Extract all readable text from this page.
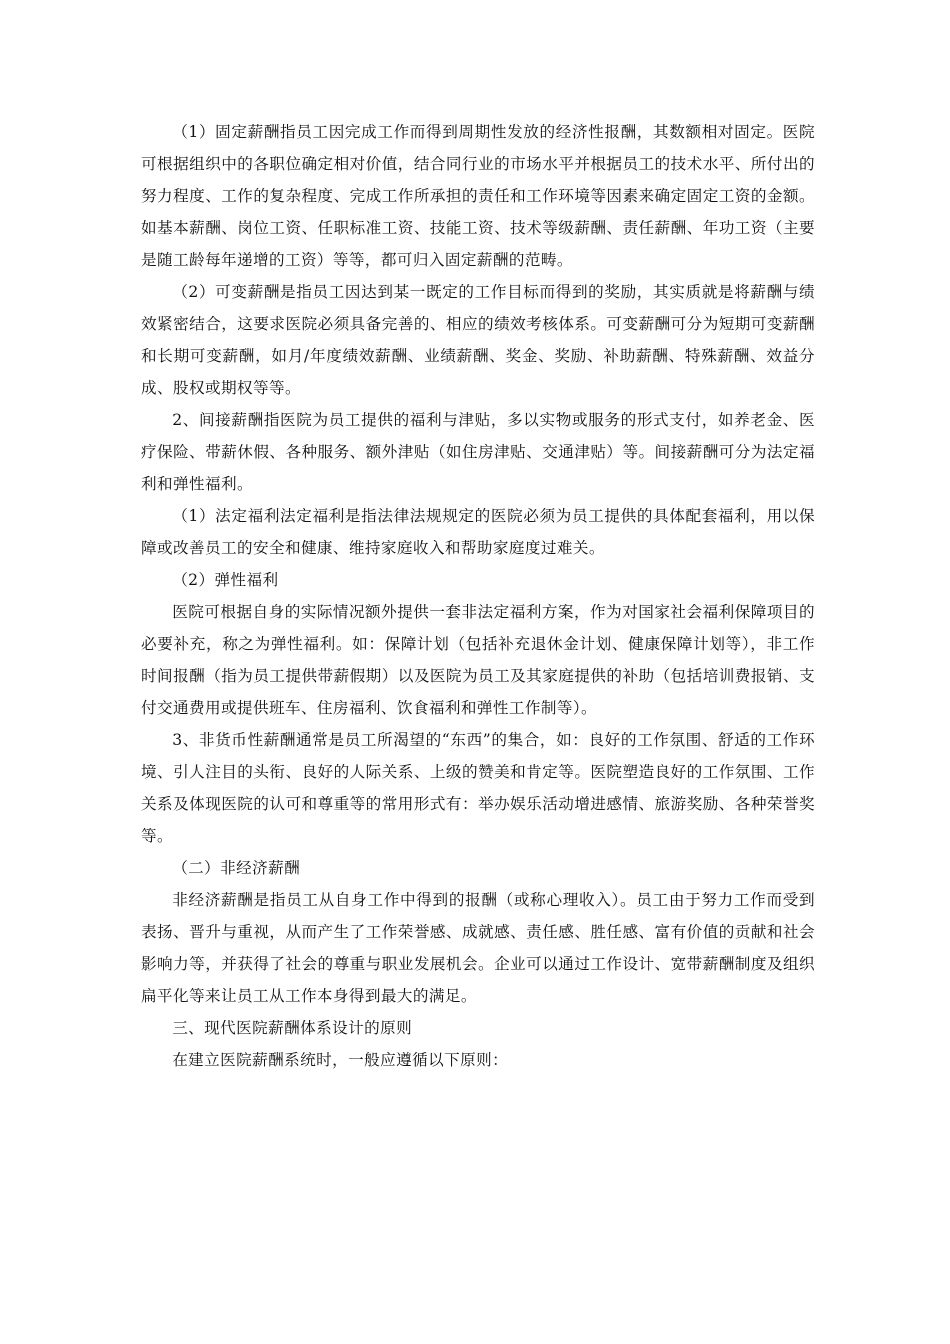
（1）固定薪酬指员工因完成工作而得到周期性发放的经济性报酬，其数额相对固定。医院可根据组织中的各职位确定相对价值，结合同行业的市场水平并根据员工的技术水平、所付出的努力程度、工作的复杂程度、完成工作所承担的责任和工作环境等因素来确定固定工资的金额。如基本薪酬、岗位工资、任职标准工资、技能工资、技术等级薪酬、责任薪酬、年功工资（主要是随工龄每年递增的工资）等等，都可归入固定薪酬的范畴。

（2）可变薪酬是指员工因达到某一既定的工作目标而得到的奖励，其实质就是将薪酬与绩效紧密结合，这要求医院必须具备完善的、相应的绩效考核体系。可变薪酬可分为短期可变薪酬和长期可变薪酬，如月/年度绩效薪酬、业绩薪酬、奖金、奖励、补助薪酬、特殊薪酬、效益分成、股权或期权等等。

2、间接薪酬指医院为员工提供的福利与津贴，多以实物或服务的形式支付，如养老金、医疗保险、带薪休假、各种服务、额外津贴（如住房津贴、交通津贴）等。间接薪酬可分为法定福利和弹性福利。

（1）法定福利法定福利是指法律法规规定的医院必须为员工提供的具体配套福利，用以保障或改善员工的安全和健康、维持家庭收入和帮助家庭度过难关。

（2）弹性福利

医院可根据自身的实际情况额外提供一套非法定福利方案，作为对国家社会福利保障项目的必要补充，称之为弹性福利。如：保障计划（包括补充退休金计划、健康保障计划等），非工作时间报酬（指为员工提供带薪假期）以及医院为员工及其家庭提供的补助（包括培训费报销、支付交通费用或提供班车、住房福利、饮食福利和弹性工作制等）。

3、非货币性薪酬通常是员工所渴望的“东西”的集合，如：良好的工作氛围、舒适的工作环境、引人注目的头衔、良好的人际关系、上级的赞美和肯定等。医院塑造良好的工作氛围、工作关系及体现医院的认可和尊重等的常用形式有：举办娱乐活动增进感情、旅游奖励、各种荣誉奖等。

（二）非经济薪酬

非经济薪酬是指员工从自身工作中得到的报酬（或称心理收入）。员工由于努力工作而受到表扬、晋升与重视，从而产生了工作荣誉感、成就感、责任感、胜任感、富有价值的贡献和社会影响力等，并获得了社会的尊重与职业发展机会。企业可以通过工作设计、宽带薪酬制度及组织扁平化等来让员工从工作本身得到最大的满足。

三、现代医院薪酬体系设计的原则

在建立医院薪酬系统时，一般应遵循以下原则：
